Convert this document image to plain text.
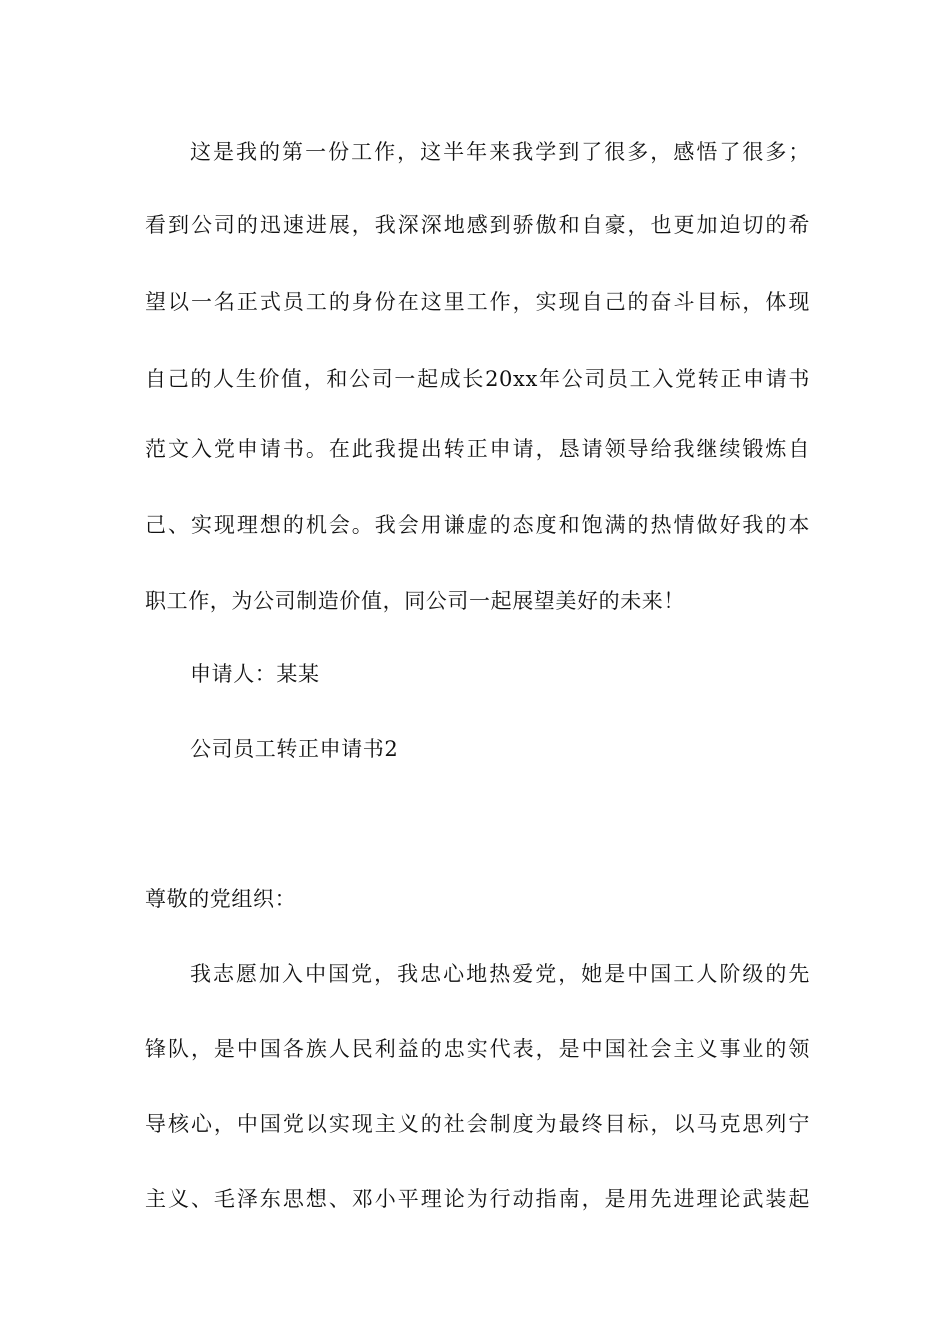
这是我的第一份工作，这半年来我学到了很多，感悟了很多；
看到公司的迅速进展，我深深地感到骄傲和自豪，也更加迫切的希
望以一名正式员工的身份在这里工作，实现自己的奋斗目标，体现
自己的人生价值，和公司一起成长20xx年公司员工入党转正申请书
范文入党申请书。在此我提出转正申请，恳请领导给我继续锻炼自
己、实现理想的机会。我会用谦虚的态度和饱满的热情做好我的本
职工作，为公司制造价值，同公司一起展望美好的未来！
申请人：某某
公司员工转正申请书2
尊敬的党组织：
我志愿加入中国党，我忠心地热爱党，她是中国工人阶级的先
锋队，是中国各族人民利益的忠实代表，是中国社会主义事业的领
导核心，中国党以实现主义的社会制度为最终目标，以马克思列宁
主义、毛泽东思想、邓小平理论为行动指南，是用先进理论武装起
